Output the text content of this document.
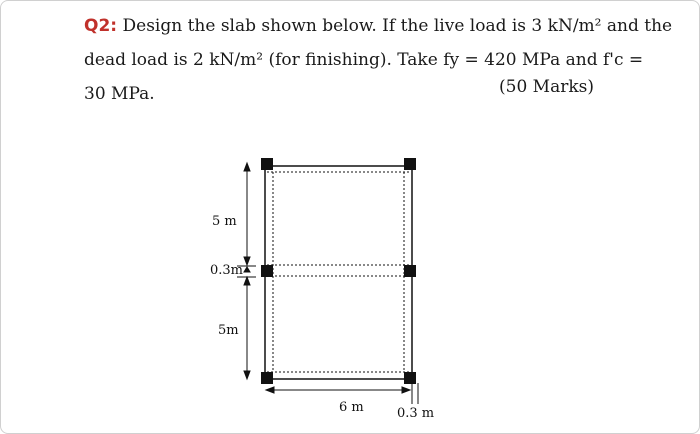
Q2: Design the slab shown below. If the live load is 3 kN/m² and the
dead load is 2 kN/m² (for finishing). Take fy = 420 MPa and f'c =
30 MPa.	(50 Marks)
5 m
0.3m
5m
6 m	0.3 m
